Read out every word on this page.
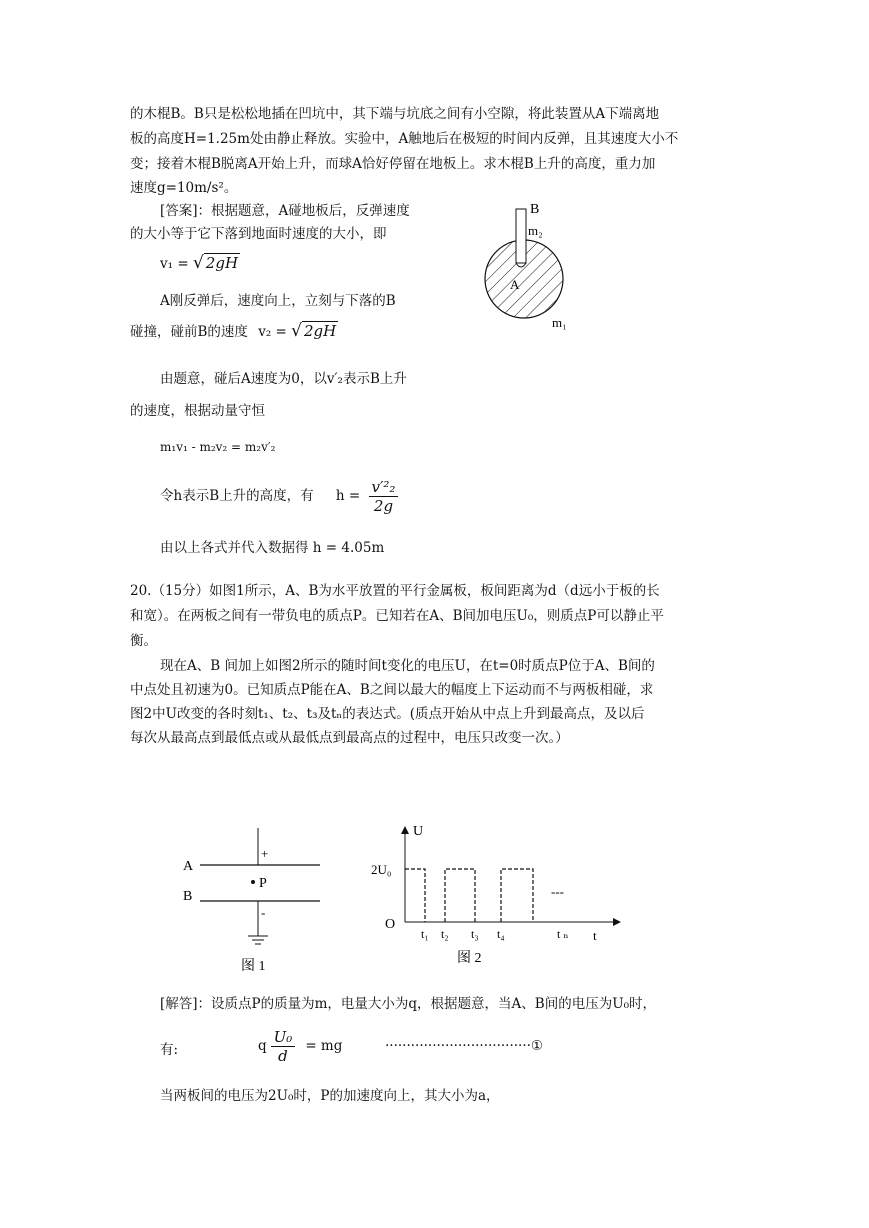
的木棍B。B只是松松地插在凹坑中，其下端与坑底之间有小空隙，将此装置从A下端离地
板的高度H=1.25m处由静止释放。实验中，A触地后在极短的时间内反弹，且其速度大小不
变；接着木棍B脱离A开始上升，而球A恰好停留在地板上。求木棍B上升的高度，重力加
速度g=10m/s²。
[答案]：根据题意，A碰地板后，反弹速度
的大小等于它下落到地面时速度的大小，即
v₁ = √ 2gH
A刚反弹后，速度向上，立刻与下落的B
碰撞，碰前B的速度 v₂ = √ 2gH
由题意，碰后A速度为0，以v′₂表示B上升
的速度，根据动量守恒
m₁v₁ - m₂v₂ = m₂v′₂
令h表示B上升的高度，有 $h = \frac{\text{v′²₂}}{2g}$
由以上各式并代入数据得 h = 4.05m
B
m₂
A
m₁
20.（15分）如图1所示，A、B为水平放置的平行金属板，板间距离为d（d远小于板的长
和宽）。在两板之间有一带负电的质点P。已知若在A、B间加电压U₀，则质点P可以静止平
衡。
现在A、B 间加上如图2所示的随时间t变化的电压U，在t=0时质点P位于A、B间的
中点处且初速为0。已知质点P能在A、B之间以最大的幅度上下运动而不与两板相碰，求
图2中U改变的各时刻t₁、t₂、t₃及tₙ的表达式。(质点开始从中点上升到最高点，及以后
每次从最高点到最低点或从最低点到最高点的过程中，电压只改变一次。）
A
B
P
+
-
图 1
U
2U₀
O
t₁ t₂ t₃ t₄	t ₙ t
---
图 2
[解答]：设质点P的质量为m，电量大小为q，根据题意，当A、B间的电压为U₀时，
有:	q $\frac{\text{U₀}}{d}$ = mg	··································①
当两板间的电压为2U₀时，P的加速度向上，其大小为a，
